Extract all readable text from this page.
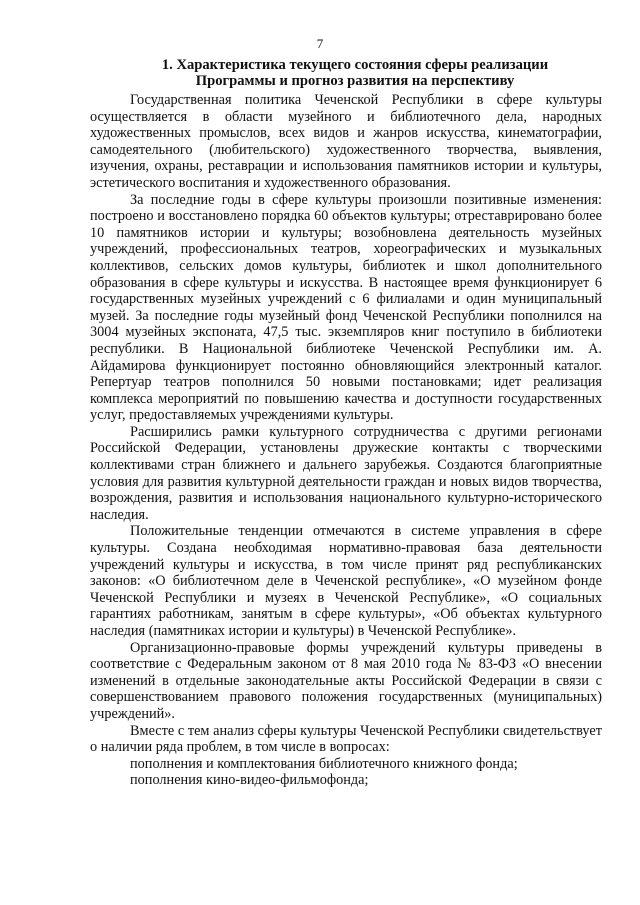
7
1. Характеристика текущего состояния сферы реализации
Программы и прогноз развития на перспективу

Государственная политика Чеченской Республики в сфере культуры осуществляется в области музейного и библиотечного дела, народных художественных промыслов, всех видов и жанров искусства, кинематографии, самодеятельного (любительского) художественного творчества, выявления, изучения, охраны, реставрации и использования памятников истории и культуры, эстетического воспитания и художественного образования.

За последние годы в сфере культуры произошли позитивные изменения: построено и восстановлено порядка 60 объектов культуры; отреставрировано более 10 памятников истории и культуры; возобновлена деятельность музейных учреждений, профессиональных театров, хореографических и музыкальных коллективов, сельских домов культуры, библиотек и школ дополнительного образования в сфере культуры и искусства. В настоящее время функционирует 6 государственных музейных учреждений с 6 филиалами и один муниципальный музей. За последние годы музейный фонд Чеченской Республики пополнился на 3004 музейных экспоната, 47,5 тыс. экземпляров книг поступило в библиотеки республики. В Национальной библиотеке Чеченской Республики им. А. Айдамирова функционирует постоянно обновляющийся электронный каталог. Репертуар театров пополнился 50 новыми постановками; идет реализация комплекса мероприятий по повышению качества и доступности государственных услуг, предоставляемых учреждениями культуры.

Расширились рамки культурного сотрудничества с другими регионами Российской Федерации, установлены дружеские контакты с творческими коллективами стран ближнего и дальнего зарубежья. Создаются благоприятные условия для развития культурной деятельности граждан и новых видов творчества, возрождения, развития и использования национального культурно-исторического наследия.

Положительные тенденции отмечаются в системе управления в сфере культуры. Создана необходимая нормативно-правовая база деятельности учреждений культуры и искусства, в том числе принят ряд республиканских законов: «О библиотечном деле в Чеченской республике», «О музейном фонде Чеченской Республики и музеях в Чеченской Республике», «О социальных гарантиях работникам, занятым в сфере культуры», «Об объектах культурного наследия (памятниках истории и культуры) в Чеченской Республике».

Организационно-правовые формы учреждений культуры приведены в соответствие с Федеральным законом от 8 мая 2010 года № 83-ФЗ «О внесении изменений в отдельные законодательные акты Российской Федерации в связи с совершенствованием правового положения государственных (муниципальных) учреждений».

Вместе с тем анализ сферы культуры Чеченской Республики свидетельствует о наличии ряда проблем, в том числе в вопросах:

пополнения и комплектования библиотечного книжного фонда;

пополнения кино-видео-фильмофонда;
